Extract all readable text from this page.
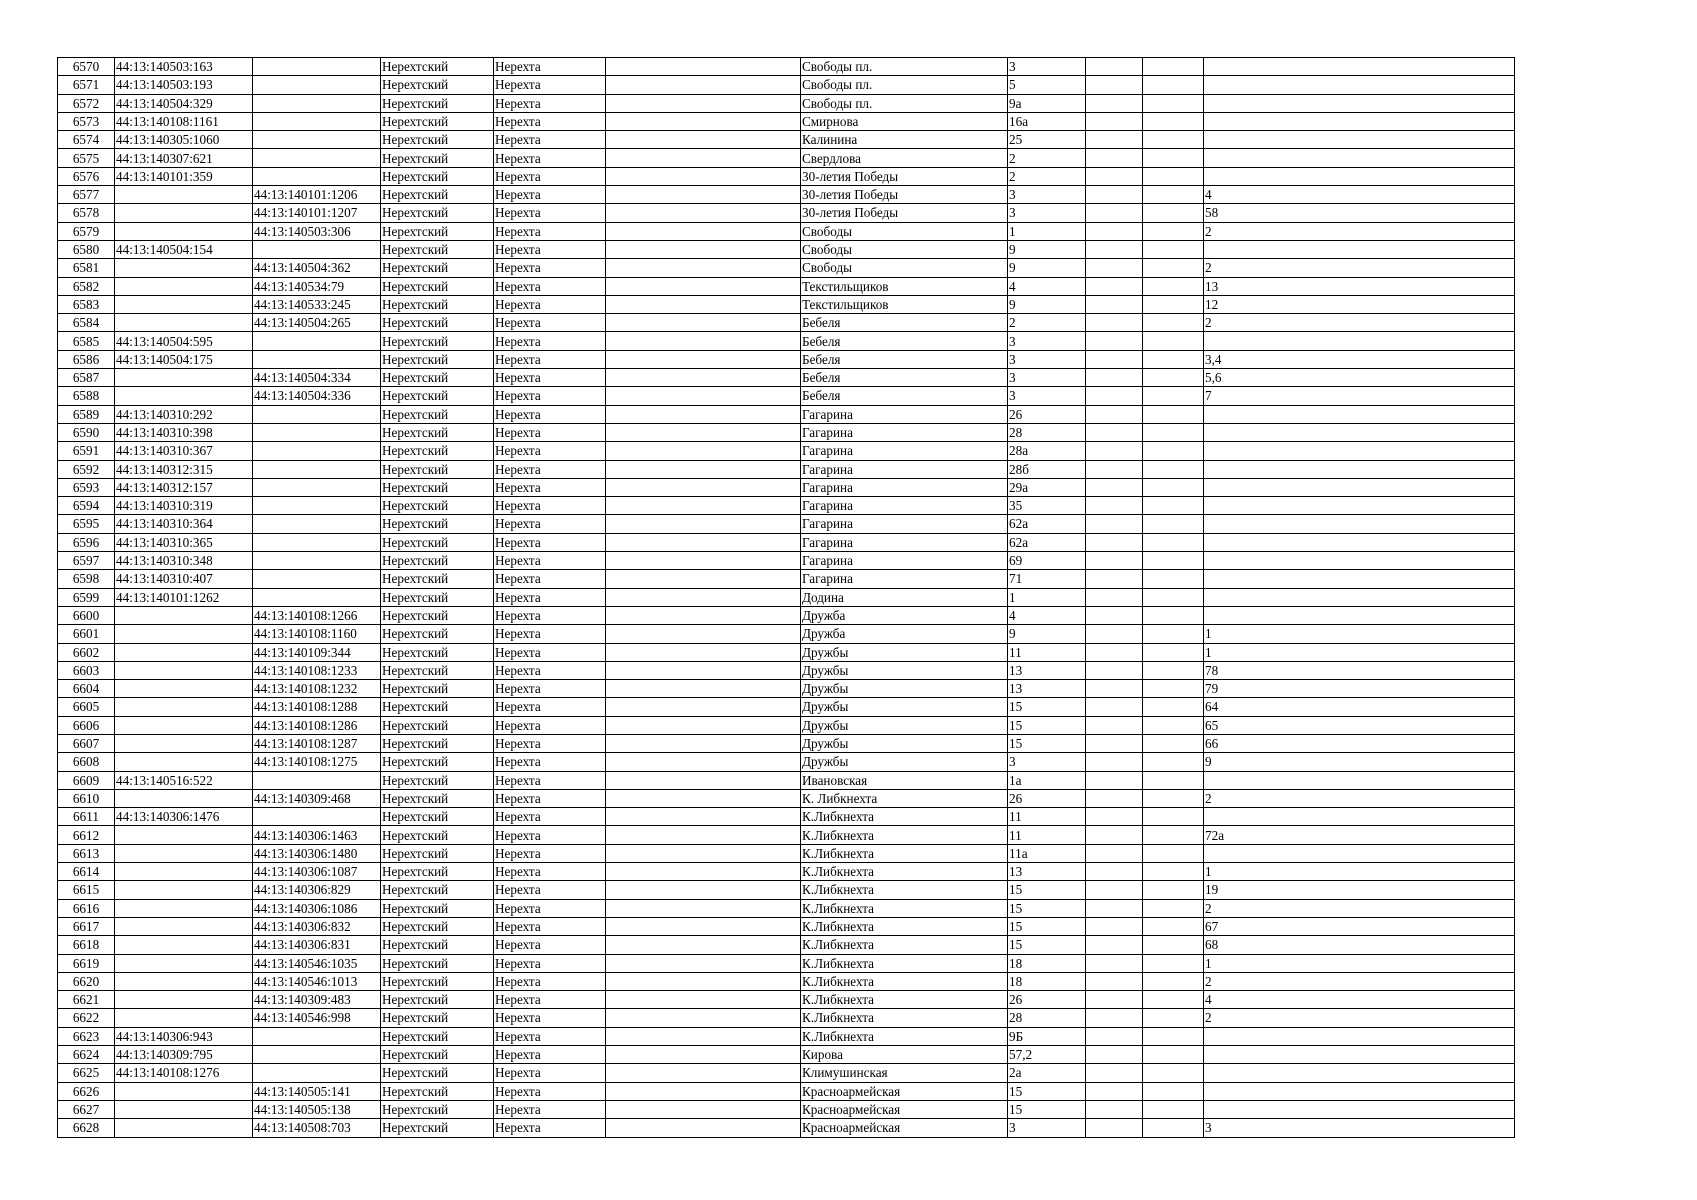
6570	44:13:140503:163		Нерехтский	Нерехта		Свободы пл.	3			
6571	44:13:140503:193		Нерехтский	Нерехта		Свободы пл.	5			
6572	44:13:140504:329		Нерехтский	Нерехта		Свободы пл.	9а			
6573	44:13:140108:1161		Нерехтский	Нерехта		Смирнова	16а			
6574	44:13:140305:1060		Нерехтский	Нерехта		Калинина	25			
6575	44:13:140307:621		Нерехтский	Нерехта		Свердлова	2			
6576	44:13:140101:359		Нерехтский	Нерехта		30-летия Победы	2			
6577		44:13:140101:1206	Нерехтский	Нерехта		30-летия Победы	3			4
6578		44:13:140101:1207	Нерехтский	Нерехта		30-летия Победы	3			58
6579		44:13:140503:306	Нерехтский	Нерехта		Свободы	1			2
6580	44:13:140504:154		Нерехтский	Нерехта		Свободы	9			
6581		44:13:140504:362	Нерехтский	Нерехта		Свободы	9			2
6582		44:13:140534:79	Нерехтский	Нерехта		Текстильщиков	4			13
6583		44:13:140533:245	Нерехтский	Нерехта		Текстильщиков	9			12
6584		44:13:140504:265	Нерехтский	Нерехта		Бебеля	2			2
6585	44:13:140504:595		Нерехтский	Нерехта		Бебеля	3			
6586	44:13:140504:175		Нерехтский	Нерехта		Бебеля	3			3,4
6587		44:13:140504:334	Нерехтский	Нерехта		Бебеля	3			5,6
6588		44:13:140504:336	Нерехтский	Нерехта		Бебеля	3			7
6589	44:13:140310:292		Нерехтский	Нерехта		Гагарина	26			
6590	44:13:140310:398		Нерехтский	Нерехта		Гагарина	28			
6591	44:13:140310:367		Нерехтский	Нерехта		Гагарина	28а			
6592	44:13:140312:315		Нерехтский	Нерехта		Гагарина	28б			
6593	44:13:140312:157		Нерехтский	Нерехта		Гагарина	29а			
6594	44:13:140310:319		Нерехтский	Нерехта		Гагарина	35			
6595	44:13:140310:364		Нерехтский	Нерехта		Гагарина	62а			
6596	44:13:140310:365		Нерехтский	Нерехта		Гагарина	62а			
6597	44:13:140310:348		Нерехтский	Нерехта		Гагарина	69			
6598	44:13:140310:407		Нерехтский	Нерехта		Гагарина	71			
6599	44:13:140101:1262		Нерехтский	Нерехта		Додина	1			
6600		44:13:140108:1266	Нерехтский	Нерехта		Дружба	4			
6601		44:13:140108:1160	Нерехтский	Нерехта		Дружба	9			1
6602		44:13:140109:344	Нерехтский	Нерехта		Дружбы	11			1
6603		44:13:140108:1233	Нерехтский	Нерехта		Дружбы	13			78
6604		44:13:140108:1232	Нерехтский	Нерехта		Дружбы	13			79
6605		44:13:140108:1288	Нерехтский	Нерехта		Дружбы	15			64
6606		44:13:140108:1286	Нерехтский	Нерехта		Дружбы	15			65
6607		44:13:140108:1287	Нерехтский	Нерехта		Дружбы	15			66
6608		44:13:140108:1275	Нерехтский	Нерехта		Дружбы	3			9
6609	44:13:140516:522		Нерехтский	Нерехта		Ивановская	1а			
6610		44:13:140309:468	Нерехтский	Нерехта		К. Либкнехта	26			2
6611	44:13:140306:1476		Нерехтский	Нерехта		К.Либкнехта	11			
6612		44:13:140306:1463	Нерехтский	Нерехта		К.Либкнехта	11			72а
6613		44:13:140306:1480	Нерехтский	Нерехта		К.Либкнехта	11а			
6614		44:13:140306:1087	Нерехтский	Нерехта		К.Либкнехта	13			1
6615		44:13:140306:829	Нерехтский	Нерехта		К.Либкнехта	15			19
6616		44:13:140306:1086	Нерехтский	Нерехта		К.Либкнехта	15			2
6617		44:13:140306:832	Нерехтский	Нерехта		К.Либкнехта	15			67
6618		44:13:140306:831	Нерехтский	Нерехта		К.Либкнехта	15			68
6619		44:13:140546:1035	Нерехтский	Нерехта		К.Либкнехта	18			1
6620		44:13:140546:1013	Нерехтский	Нерехта		К.Либкнехта	18			2
6621		44:13:140309:483	Нерехтский	Нерехта		К.Либкнехта	26			4
6622		44:13:140546:998	Нерехтский	Нерехта		К.Либкнехта	28			2
6623	44:13:140306:943		Нерехтский	Нерехта		К.Либкнехта	9Б			
6624	44:13:140309:795		Нерехтский	Нерехта		Кирова	57,2			
6625	44:13:140108:1276		Нерехтский	Нерехта		Климушинская	2а			
6626		44:13:140505:141	Нерехтский	Нерехта		Красноармейская	15			
6627		44:13:140505:138	Нерехтский	Нерехта		Красноармейская	15			
6628		44:13:140508:703	Нерехтский	Нерехта		Красноармейская	3			3
